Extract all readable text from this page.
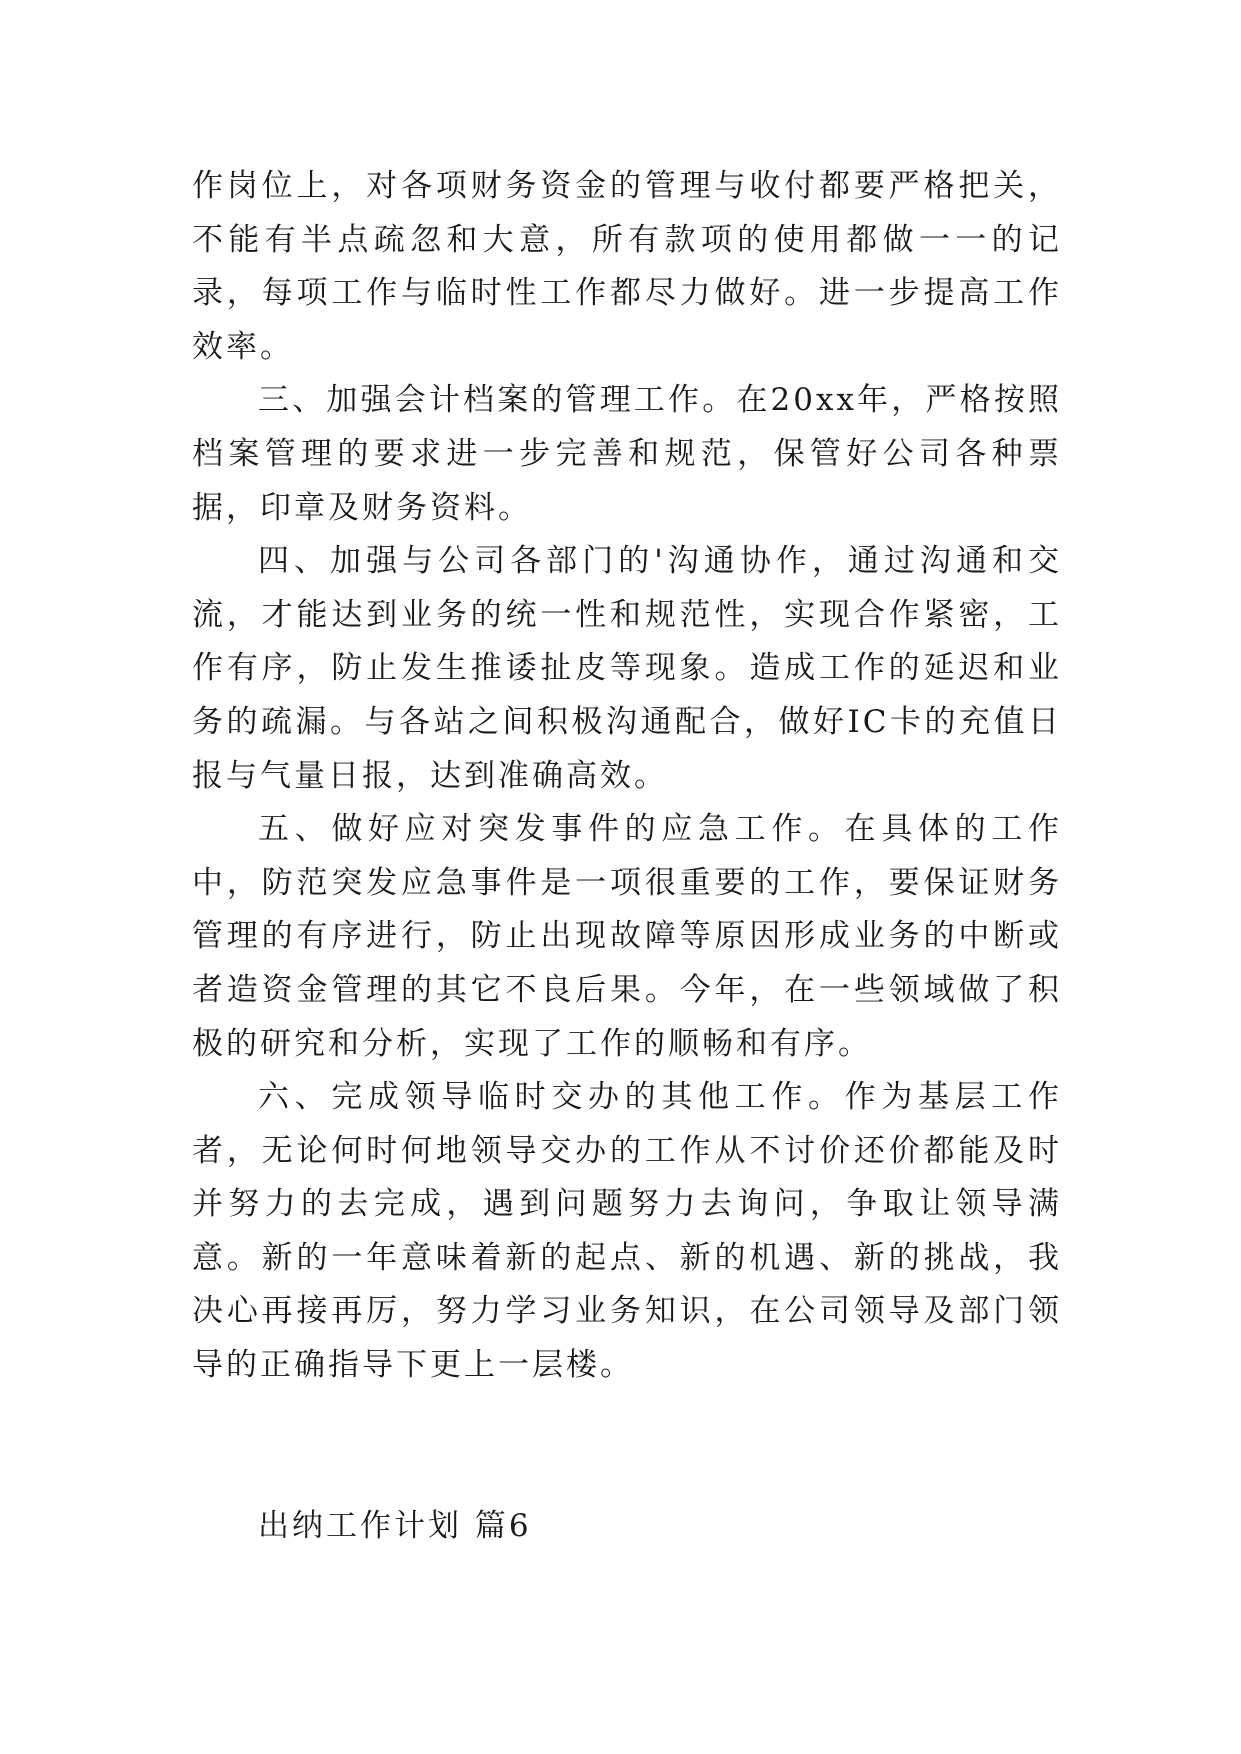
作岗位上，对各项财务资金的管理与收付都要严格把关，不能有半点疏忽和大意，所有款项的使用都做一一的记录，每项工作与临时性工作都尽力做好。进一步提高工作效率。

三、加强会计档案的管理工作。在20xx年，严格按照档案管理的要求进一步完善和规范，保管好公司各种票据，印章及财务资料。

四、加强与公司各部门的'沟通协作，通过沟通和交流，才能达到业务的统一性和规范性，实现合作紧密，工作有序，防止发生推诿扯皮等现象。造成工作的延迟和业务的疏漏。与各站之间积极沟通配合，做好IC卡的充值日报与气量日报，达到准确高效。

五、做好应对突发事件的应急工作。在具体的工作中，防范突发应急事件是一项很重要的工作，要保证财务管理的有序进行，防止出现故障等原因形成业务的中断或者造资金管理的其它不良后果。今年，在一些领域做了积极的研究和分析，实现了工作的顺畅和有序。

六、完成领导临时交办的其他工作。作为基层工作者，无论何时何地领导交办的工作从不讨价还价都能及时并努力的去完成，遇到问题努力去询问，争取让领导满意。新的一年意味着新的起点、新的机遇、新的挑战，我决心再接再厉，努力学习业务知识，在公司领导及部门领导的正确指导下更上一层楼。

出纳工作计划 篇6
